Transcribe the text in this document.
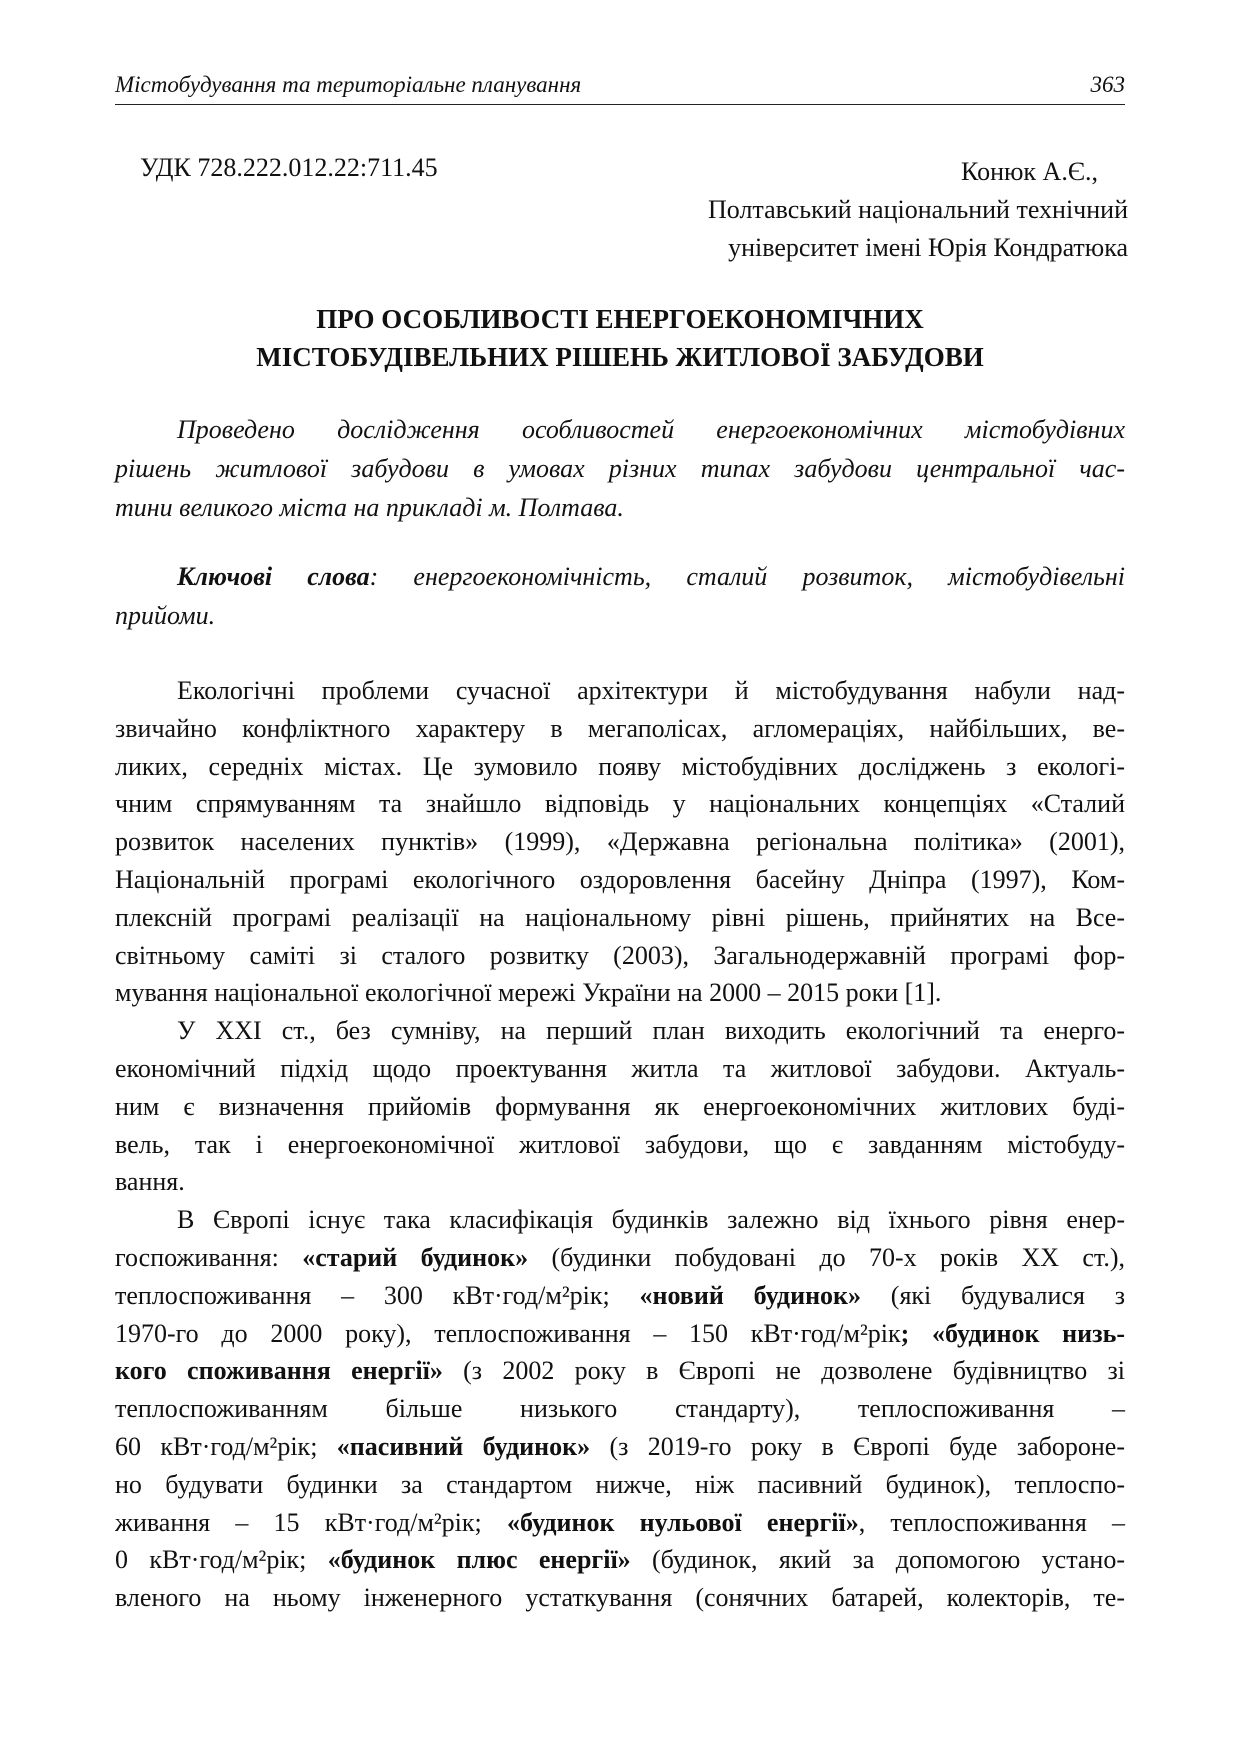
Містобудування та територіальне планування	363
УДК 728.222.012.22:711.45	Конюк А.Є.,
Полтавський національний технічний
університет імені Юрія Кондратюка
ПРО ОСОБЛИВОСТІ ЕНЕРГОЕКОНОМІЧНИХ
МІСТОБУДІВЕЛЬНИХ РІШЕНЬ ЖИТЛОВОЇ ЗАБУДОВИ
Проведено дослідження особливостей енергоекономічних містобудівних
рішень житлової забудови в умовах різних типах забудови центральної час-
тини великого міста на прикладі м. Полтава.
Ключові слова: енергоекономічність, сталий розвиток, містобудівельні
прийоми.

Екологічні проблеми сучасної архітектури й містобудування набули над-
звичайно конфліктного характеру в мегаполісах, агломераціях, найбільших, ве-
ликих, середніх містах. Це зумовило появу містобудівних досліджень з екологі-
чним спрямуванням та знайшло відповідь у національних концепціях «Сталий
розвиток населених пунктів» (1999), «Державна регіональна політика» (2001),
Національній програмі екологічного оздоровлення басейну Дніпра (1997), Ком-
плексній програмі реалізації на національному рівні рішень, прийнятих на Все-
світньому саміті зі сталого розвитку (2003), Загальнодержавній програмі фор-
мування національної екологічної мережі України на 2000 – 2015 роки [1].

У XXI ст., без сумніву, на перший план виходить екологічний та енерго-
економічний підхід щодо проектування житла та житлової забудови. Актуаль-
ним є визначення прийомів формування як енергоекономічних житлових буді-
вель, так і енергоекономічної житлової забудови, що є завданням містобуду-
вання.

В Європі існує така класифікація будинків залежно від їхнього рівня енер-
госпоживання: «старий будинок» (будинки побудовані до 70-х років ХХ ст.),
теплоспоживання – 300 кВт·год/м²рік; «новий будинок» (які будувалися з
1970-го до 2000 року), теплоспоживання – 150 кВт·год/м²рік; «будинок низь-
кого споживання енергії» (з 2002 року в Європі не дозволене будівництво зі
теплоспоживанням більше низького стандарту), теплоспоживання –
60 кВт·год/м²рік; «пасивний будинок» (з 2019-го року в Європі буде заборонe-
но будувати будинки за стандартом нижче, ніж пасивний будинок), теплоспо-
живання – 15 кВт·год/м²рік; «будинок нульової енергії», теплоспоживання –
0 кВт·год/м²рік; «будинок плюс енергії» (будинок, який за допомогою устано-
вленого на ньому інженерного устаткування (сонячних батарей, колекторів, те-
